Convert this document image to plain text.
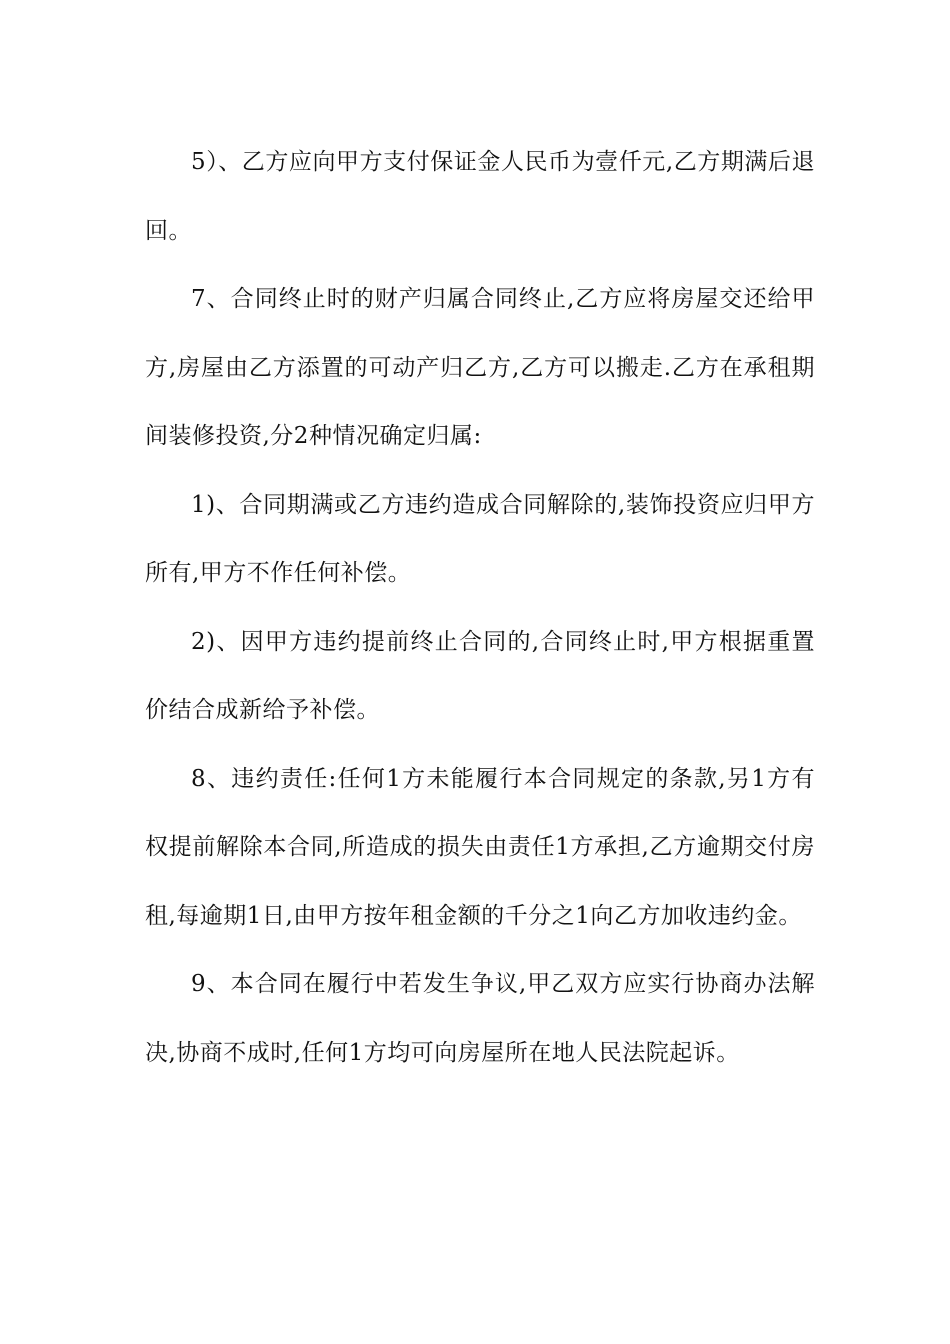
5）、乙方应向甲方支付保证金人民币为壹仟元,乙方期满后退回。

7、合同终止时的财产归属合同终止,乙方应将房屋交还给甲方,房屋由乙方添置的可动产归乙方,乙方可以搬走.乙方在承租期间装修投资,分2种情况确定归属:

1)、合同期满或乙方违约造成合同解除的,装饰投资应归甲方所有,甲方不作任何补偿。

2)、因甲方违约提前终止合同的,合同终止时,甲方根据重置价结合成新给予补偿。

8、违约责任:任何1方未能履行本合同规定的条款,另1方有权提前解除本合同,所造成的损失由责任1方承担,乙方逾期交付房租,每逾期1日,由甲方按年租金额的千分之1向乙方加收违约金。

9、本合同在履行中若发生争议,甲乙双方应实行协商办法解决,协商不成时,任何1方均可向房屋所在地人民法院起诉。
